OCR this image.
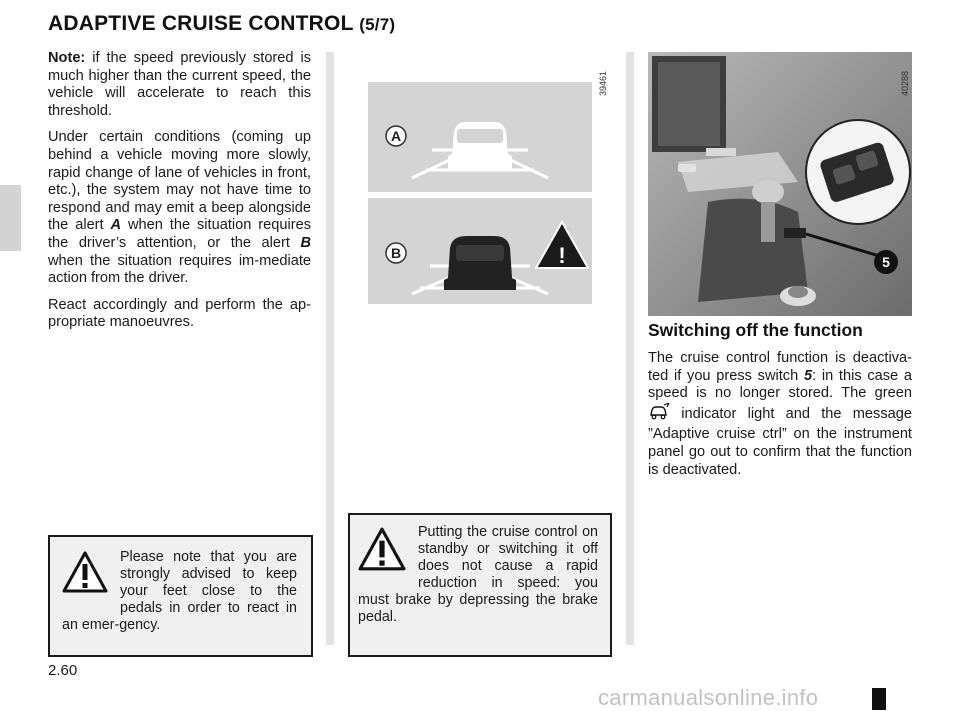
ADAPTIVE CRUISE CONTROL (5/7)

Note: if the speed previously stored is much higher than the current speed, the vehicle will accelerate to reach this threshold.

Under certain conditions (coming up behind a vehicle moving more slowly, rapid change of lane of vehicles in front, etc.), the system may not have time to respond and may emit a beep alongside the alert A when the situation requires the driver’s attention, or the alert B when the situation requires im-mediate action from the driver.

React accordingly and perform the ap-propriate manoeuvres.

A
B	!
39461
5
40288
Switching off the function

The cruise control function is deactiva-ted if you press switch 5: in this case a speed is no longer stored. The green  indicator light and the message ”Adaptive cruise ctrl” on the instrument panel go out to confirm that the function is deactivated.

Please note that you are strongly advised to keep your feet close to the pedals in order to react in an emer-gency.

Putting the cruise control on standby or switching it off does not cause a rapid reduction in speed: you must brake by depressing the brake pedal.

2.60
carmanualsonline.info
